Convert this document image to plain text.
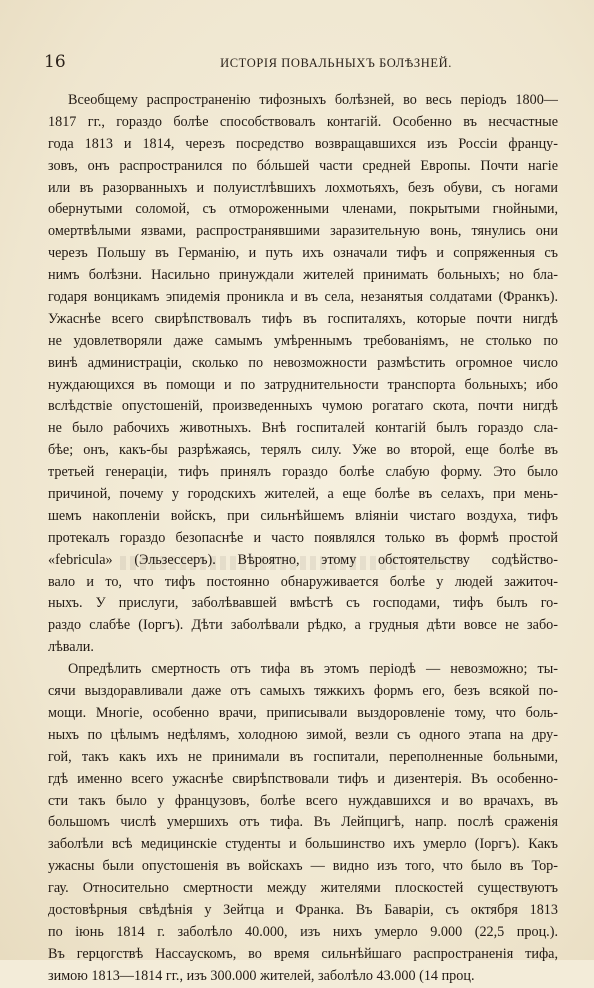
16	ИСТОРІЯ ПОВАЛЬНЫХЪ БОЛѢЗНЕЙ.
Всеобщему распространенію тифозныхъ болѣзней, во весь періодъ 1800—
1817 гг., гораздо болѣе способствовалъ контагій. Особенно въ несчастные
года 1813 и 1814, черезъ посредство возвращавшихся изъ Россіи францу-
зовъ, онъ распространился по бóльшей части средней Европы. Почти нагіе
или въ разорванныхъ и полуистлѣвшихъ лохмотьяхъ, безъ обуви, съ ногами
обернутыми соломой, съ отмороженными членами, покрытыми гнойными,
омертвѣлыми язвами, распространявшими заразительную вонь, тянулись они
черезъ Польшу въ Германію, и путь ихъ означали тифъ и сопряженныя съ
нимъ болѣзни. Насильно принуждали жителей принимать больныхъ; но бла-
годаря вонцикамъ эпидемія проникла и въ села, незанятыя солдатами (Франкъ).
Ужаснѣе всего свирѣпствовалъ тифъ въ госпиталяхъ, которые почти нигдѣ
не удовлетворяли даже самымъ умѣреннымъ требованіямъ, не столько по
винѣ администраціи, сколько по невозможности размѣстить огромное число
нуждающихся въ помощи и по затруднительности транспорта больныхъ; ибо
вслѣдствіе опустошеній, произведенныхъ чумою рогатаго скота, почти нигдѣ
не было рабочихъ животныхъ. Внѣ госпиталей контагій былъ гораздо сла-
бѣе; онъ, какъ-бы разрѣжаясь, терялъ силу. Уже во второй, еще болѣе въ
третьей генераціи, тифъ принялъ гораздо болѣе слабую форму. Это было
причиной, почему у городскихъ жителей, а еще болѣе въ селахъ, при мень-
шемъ накопленіи войскъ, при сильнѣйшемъ вліяніи чистаго воздуха, тифъ
протекалъ гораздо безопаснѣе и часто появлялся только въ формѣ простой
«febricula» (Эльзессеръ). Вѣроятно, этому обстоятельству содѣйство-
вало и то, что тифъ постоянно обнаруживается болѣе у людей зажиточ-
ныхъ. У прислуги, заболѣвавшей вмѣстѣ съ господами, тифъ былъ го-
раздо слабѣе (Іоргъ). Дѣти заболѣвали рѣдко, а грудныя дѣти вовсе не забо-
лѣвали.
Опредѣлить смертность отъ тифа въ этомъ періодѣ — невозможно; ты-
сячи выздоравливали даже отъ самыхъ тяжкихъ формъ его, безъ всякой по-
мощи. Многіе, особенно врачи, приписывали выздоровленіе тому, что боль-
ныхъ по цѣлымъ недѣлямъ, холодною зимой, везли съ одного этапа на дру-
гой, такъ какъ ихъ не принимали въ госпитали, переполненные больными,
гдѣ именно всего ужаснѣе свирѣпствовали тифъ и дизентерія. Въ особенно-
сти такъ было у французовъ, болѣе всего нуждавшихся и во врачахъ, въ
большомъ числѣ умершихъ отъ тифа. Въ Лейпцигѣ, напр. послѣ сраженія
заболѣли всѣ медицинскіе студенты и большинство ихъ умерло (Іоргъ). Какъ
ужасны были опустошенія въ войскахъ — видно изъ того, что было въ Тор-
гау. Относительно смертности между жителями плоскостей существуютъ
достовѣрныя свѣдѣнія у Зейтца и Франка. Въ Баваріи, съ октября 1813
по іюнь 1814 г. заболѣло 40.000, изъ нихъ умерло 9.000 (22,5 проц.).
Въ герцогствѣ Нассаускомъ, во время сильнѣйшаго распространенія тифа,
зимою 1813—1814 гг., изъ 300.000 жителей, заболѣло 43.000 (14 проц.
